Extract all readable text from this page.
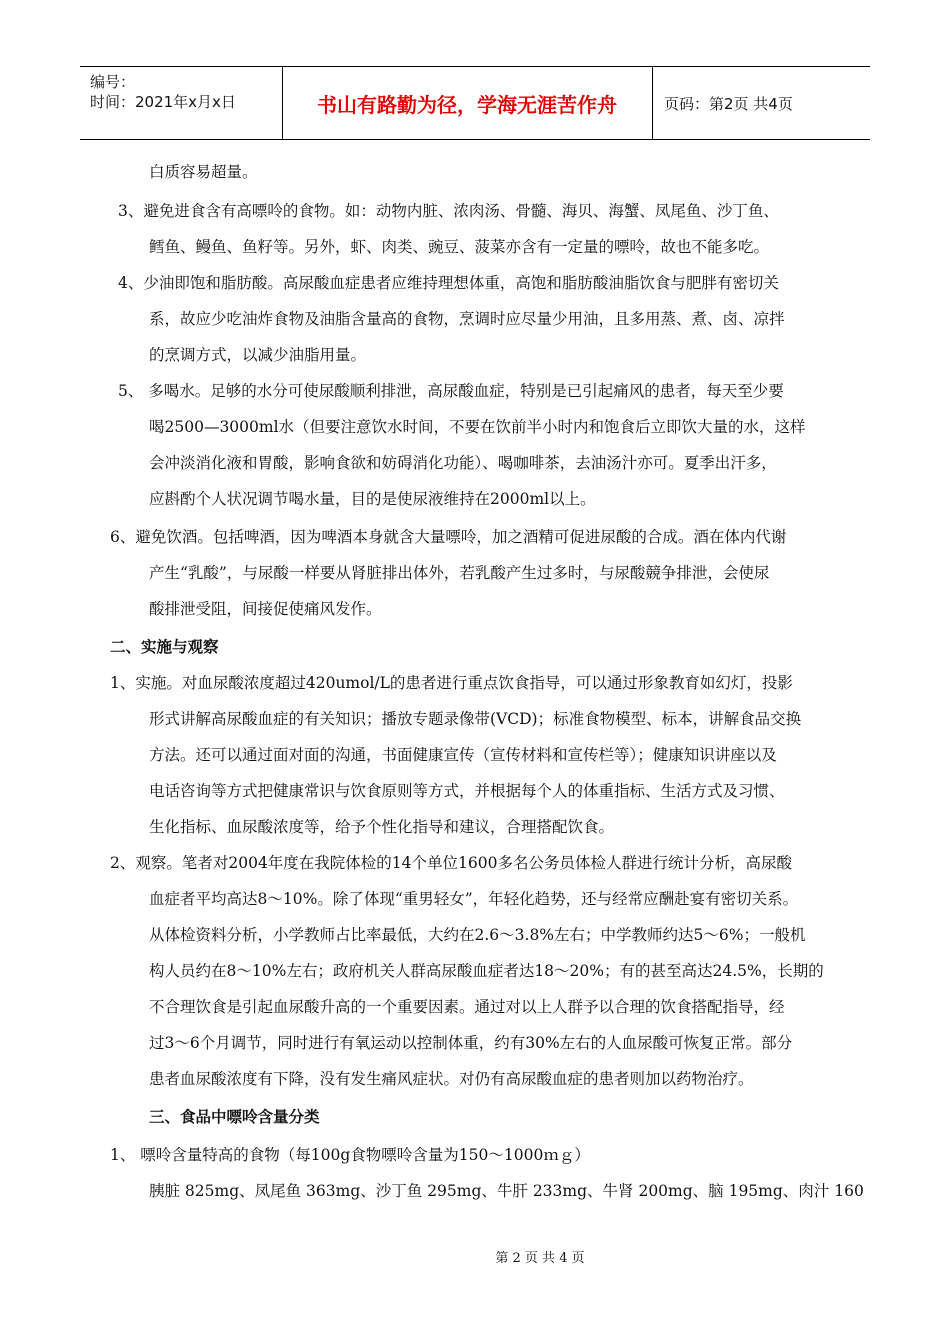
编号：
时间：2021年x月x日	书山有路勤为径，学海无涯苦作舟	页码：第2页 共4页
白质容易超量。
3、避免进食含有高嘌呤的食物。如：动物内脏、浓肉汤、骨髓、海贝、海蟹、凤尾鱼、沙丁鱼、
鳕鱼、鳗鱼、鱼籽等。另外，虾、肉类、豌豆、菠菜亦含有一定量的嘌呤，故也不能多吃。
4、少油即饱和脂肪酸。高尿酸血症患者应维持理想体重，高饱和脂肪酸油脂饮食与肥胖有密切关
系，故应少吃油炸食物及油脂含量高的食物，烹调时应尽量少用油，且多用蒸、煮、卤、凉拌
的烹调方式，以减少油脂用量。
5、 多喝水。足够的水分可使尿酸顺利排泄，高尿酸血症，特别是已引起痛风的患者，每天至少要
喝2500—3000ml水（但要注意饮水时间，不要在饮前半小时内和饱食后立即饮大量的水，这样
会冲淡消化液和胃酸，影响食欲和妨碍消化功能）、喝咖啡茶，去油汤汁亦可。夏季出汗多，
应斟酌个人状况调节喝水量，目的是使尿液维持在2000ml以上。
6、避免饮酒。包括啤酒，因为啤酒本身就含大量嘌呤，加之酒精可促进尿酸的合成。酒在体内代谢
产生“乳酸”，与尿酸一样要从肾脏排出体外，若乳酸产生过多时，与尿酸競争排泄，会使尿
酸排泄受阻，间接促使痛风发作。
二、实施与观察
1、实施。对血尿酸浓度超过420umol/L的患者进行重点饮食指导，可以通过形象教育如幻灯，投影
形式讲解高尿酸血症的有关知识；播放专题录像带(VCD)；标准食物模型、标本，讲解食品交换
方法。还可以通过面对面的沟通，书面健康宣传（宣传材料和宣传栏等）；健康知识讲座以及
电话咨询等方式把健康常识与饮食原则等方式，并根据每个人的体重指标、生活方式及习惯、
生化指标、血尿酸浓度等，给予个性化指导和建议，合理搭配饮食。
2、观察。笔者对2004年度在我院体检的14个单位1600多名公务员体检人群进行统计分析，高尿酸
血症者平均高达8～10%。除了体现“重男轻女”，年轻化趋势，还与经常应酬赴宴有密切关系。
从体检资料分析，小学教师占比率最低，大约在2.6～3.8%左右；中学教师约达5～6%；一般机
构人员约在8～10%左右；政府机关人群高尿酸血症者达18～20%；有的甚至高达24.5%，长期的
不合理饮食是引起血尿酸升高的一个重要因素。通过对以上人群予以合理的饮食搭配指导，经
过3～6个月调节，同时进行有氧运动以控制体重，约有30%左右的人血尿酸可恢复正常。部分
患者血尿酸浓度有下降，没有发生痛风症状。对仍有高尿酸血症的患者则加以药物治疗。
三、食品中嘌呤含量分类
1、 嘌呤含量特高的食物（每100g食物嘌呤含量为150～1000ｍｇ）
胰脏 825mg、凤尾鱼 363mg、沙丁鱼 295mg、牛肝 233mg、牛肾 200mg、脑 195mg、肉汁 160
第 2 页 共 4 页
